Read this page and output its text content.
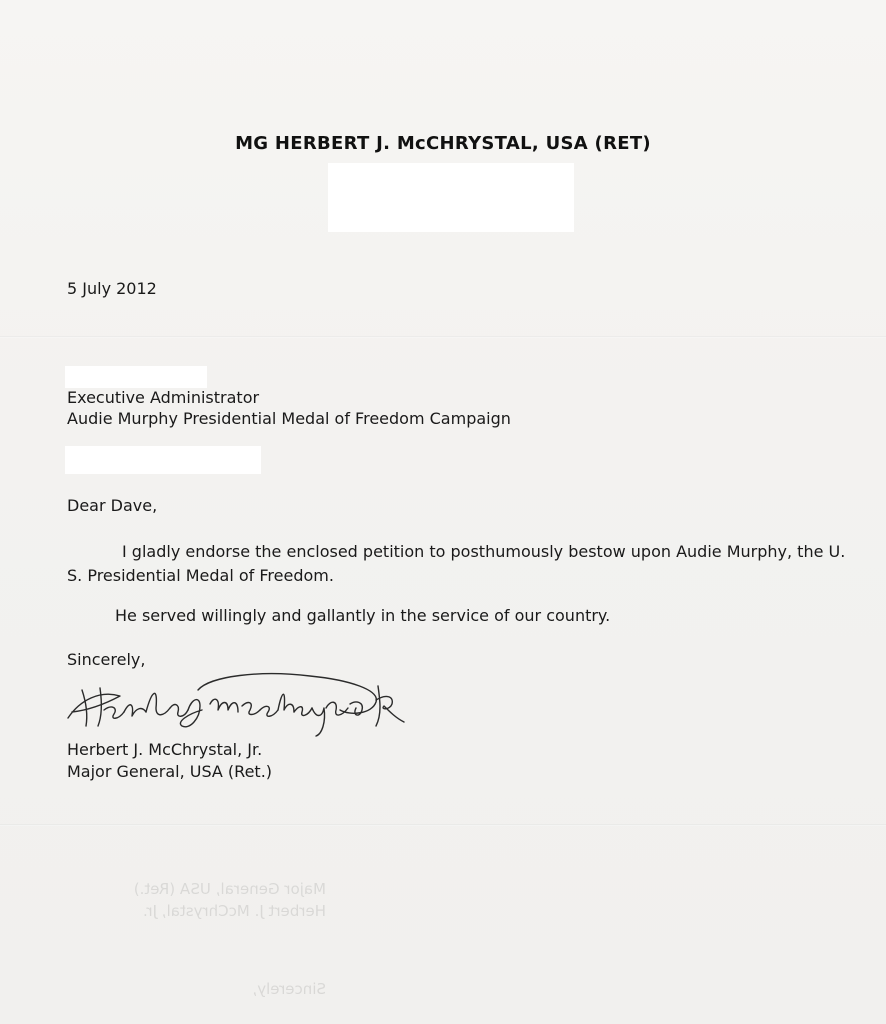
MG HERBERT J. McCHRYSTAL, USA (RET)
5 July 2012
Executive Administrator
Audie Murphy Presidential Medal of Freedom Campaign
Dear Dave,
I gladly endorse the enclosed petition to posthumously bestow upon Audie Murphy, the U. S. Presidential Medal of Freedom.
He served willingly and gallantly in the service of our country.
Sincerely,
Herbert J. McChrystal, Jr.
Major General, USA (Ret.)
Major General, USA (Ret.)
Herbert J. McChrystal, Jr.
Sincerely,
